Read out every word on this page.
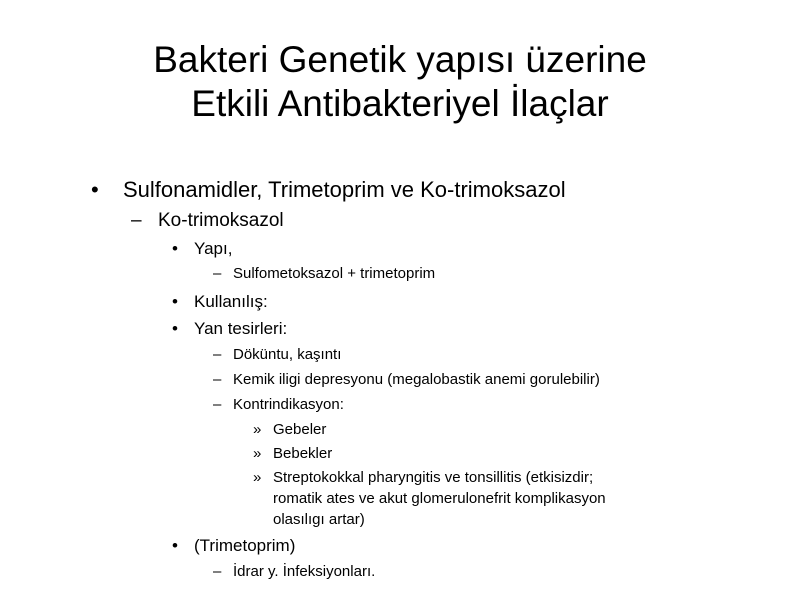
Bakteri Genetik yapısı üzerine
Etkili Antibakteriyel İlaçlar
• Sulfonamidler, Trimetoprim ve Ko-trimoksazol
– Ko-trimoksazol
• Yapı,
– Sulfometoksazol + trimetoprim
• Kullanılış:
• Yan tesirleri:
– Döküntu, kaşıntı
– Kemik iligi depresyonu (megalobastik anemi gorulebilir)
– Kontrindikasyon:
» Gebeler
» Bebekler
» Streptokokkal pharyngitis ve tonsillitis (etkisizdir;
romatik ates ve akut glomerulonefrit komplikasyon
olasılıgı artar)
• (Trimetoprim)
– İdrar y. İnfeksiyonları.
